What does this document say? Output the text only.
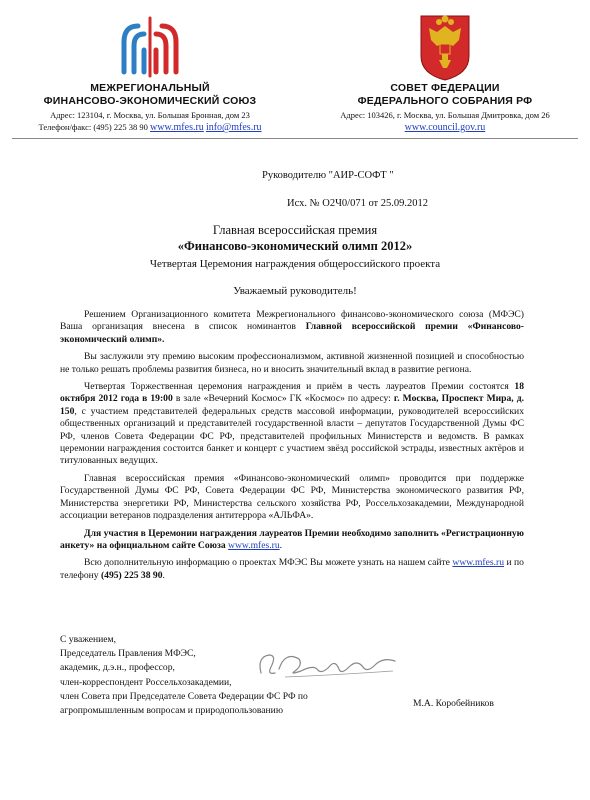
МЕЖРЕГИОНАЛЬНЫЙ
ФИНАНСОВО-ЭКОНОМИЧЕСКИЙ СОЮЗ
Адрес: 123104, г. Москва, ул. Большая Бронная, дом 23
Телефон/факс: (495) 225 38 90 www.mfes.ru info@mfes.ru
СОВЕТ ФЕДЕРАЦИИ
ФЕДЕРАЛЬНОГО СОБРАНИЯ РФ
Адрес: 103426, г. Москва, ул. Большая Дмитровка, дом 26
www.council.gov.ru
Руководителю "АИР-СОФТ "
Исх. № О2Ч0/071 от 25.09.2012
Главная всероссийская премия
«Финансово-экономический олимп 2012»
Четвертая Церемония награждения общероссийского проекта
Уважаемый руководитель!

Решением Организационного комитета Межрегионального финансово-экономического союза (МФЭС) Ваша организация внесена в список номинантов Главной всероссийской премии «Финансово-экономический олимп».

Вы заслужили эту премию высоким профессионализмом, активной жизненной позицией и способностью не только решать проблемы развития бизнеса, но и вносить значительный вклад в развитие региона.

Четвертая Торжественная церемония награждения и приём в честь лауреатов Премии состоятся 18 октября 2012 года в 19:00 в зале «Вечерний Космос» ГК «Космос» по адресу: г. Москва, Проспект Мира, д. 150, с участием представителей федеральных средств массовой информации, руководителей всероссийских общественных организаций и представителей государственной власти – депутатов Государственной Думы ФС РФ, членов Совета Федерации ФС РФ, представителей профильных Министерств и ведомств. В рамках церемонии награждения состоится банкет и концерт с участием звёзд российской эстрады, известных актёров и титулованных ведущих.

Главная всероссийская премия «Финансово-экономический олимп» проводится при поддержке Государственной Думы ФС РФ, Совета Федерации ФС РФ, Министерства экономического развития РФ, Министерства энергетики РФ, Министерства сельского хозяйства РФ, Россельхозакадемии, Международной ассоциации ветеранов подразделения антитеррора «АЛЬФА».

Для участия в Церемонии награждения лауреатов Премии необходимо заполнить «Регистрационную анкету» на официальном сайте Союза www.mfes.ru.

Всю дополнительную информацию о проектах МФЭС Вы можете узнать на нашем сайте www.mfes.ru и по телефону (495) 225 38 90.

С уважением,
Председатель Правления МФЭС,
академик, д.э.н., профессор,
член-корреспондент Россельхозакадемии,
член Совета при Председателе Совета Федерации ФС РФ по
агропромышленным вопросам и природопользованию
М.А. Коробейников
